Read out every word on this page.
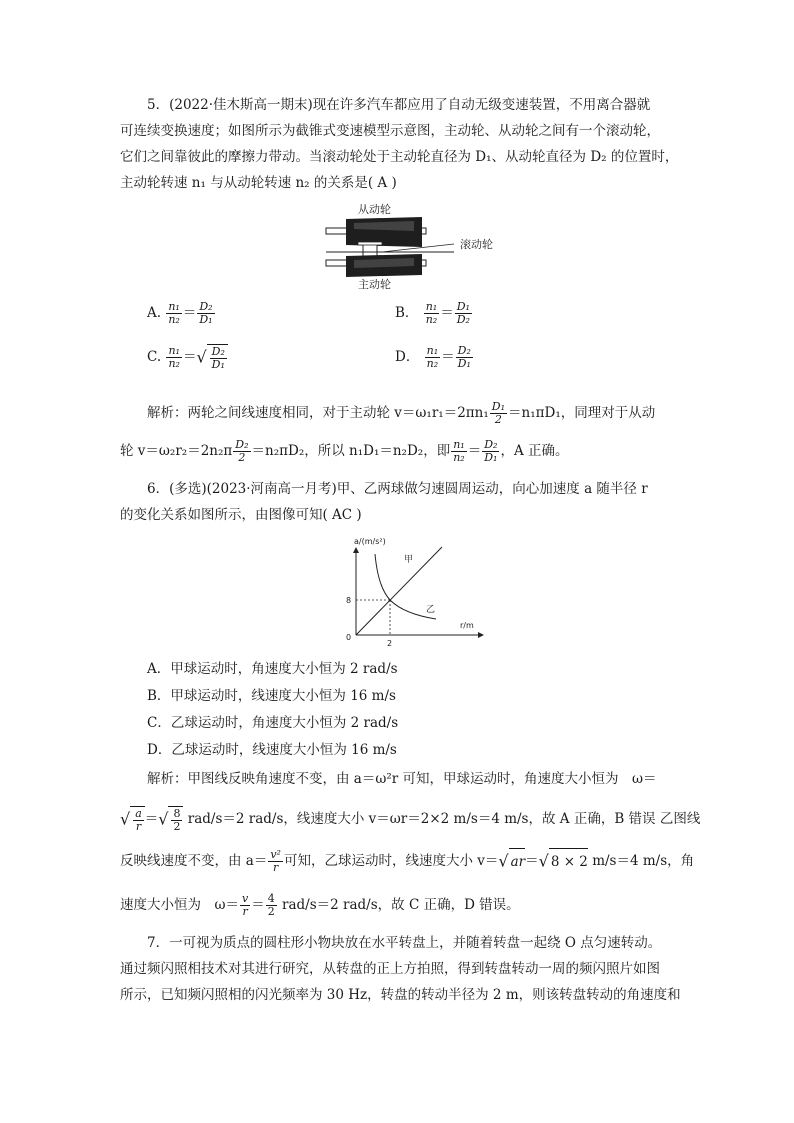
5．(2022·佳木斯高一期末)现在许多汽车都应用了自动无级变速装置，不用离合器就
可连续变换速度；如图所示为截锥式变速模型示意图，主动轮、从动轮之间有一个滚动轮，
它们之间靠彼此的摩擦力带动。当滚动轮处于主动轮直径为 D₁、从动轮直径为 D₂ 的位置时，
主动轮转速 n₁ 与从动轮转速 n₂ 的关系是( A )
从动轮
滚动轮
主动轮
A. $\frac{\text{n₁}}{\text{n₂}} = \frac{\text{D₂}}{\text{D₁}}$	B． $\frac{\text{n₁}}{\text{n₂}} = \frac{\text{D₁}}{\text{D₂}}$
C. $\frac{\text{n₁}}{\text{n₂}}$ ＝√ $\frac{\text{D₂}}{\text{D₁}}$	D． $\frac{\text{n₁}}{\text{n₂}} = \frac{\text{D₂}}{\text{D₁}}$
解析：两轮之间线速度相同，对于主动轮 $v=\omega_1r_1=2\pi n_1 \frac{\text{D₁}}{2} =n_1\pi D_1$，同理对于从动
轮 $v=\omega_2r_2=2n_2\pi \frac{\text{D₂}}{2} =n_2\pi D_2$，所以 n₁D₁＝n₂D₂，即 $\frac{\text{n₁}}{\text{n₂}} = \frac{\text{D₂}}{\text{D₁}}$ ，A 正确。
6．(多选)(2023·河南高一月考)甲、乙两球做匀速圆周运动，向心加速度 a 随半径 r
的变化关系如图所示，由图像可知( AC )
a/(m/s²)
r/m
0
8
2
甲
乙
A．甲球运动时，角速度大小恒为 2 rad/s
B．甲球运动时，线速度大小恒为 16 m/s
C．乙球运动时，角速度大小恒为 2 rad/s
D．乙球运动时，线速度大小恒为 16 m/s
解析：甲图线反映角速度不变，由 a＝ω²r 可知，甲球运动时，角速度大小恒为　ω＝
√ $\frac{a}{r}$ ＝√ $\frac{8}{2} rad/s=2$ rad/s，线速度大小 v＝ωr＝2×2 m/s＝4 m/s，故 A 正确，B 错误 乙图线
反映线速度不变，由 $a= \frac{\text{v²}}{r}$ 可知，乙球运动时，线速度大小 v＝√ ar＝√ 8 × 2 m/s＝4 m/s，角
速度大小恒为　$\omega= \frac{v}{r} = \frac{4}{2} rad/s=2$ rad/s，故 C 正确，D 错误。
7．一可视为质点的圆柱形小物块放在水平转盘上，并随着转盘一起绕 O 点匀速转动。
通过频闪照相技术对其进行研究，从转盘的正上方拍照，得到转盘转动一周的频闪照片如图
所示，已知频闪照相的闪光频率为 30 Hz，转盘的转动半径为 2 m，则该转盘转动的角速度和
